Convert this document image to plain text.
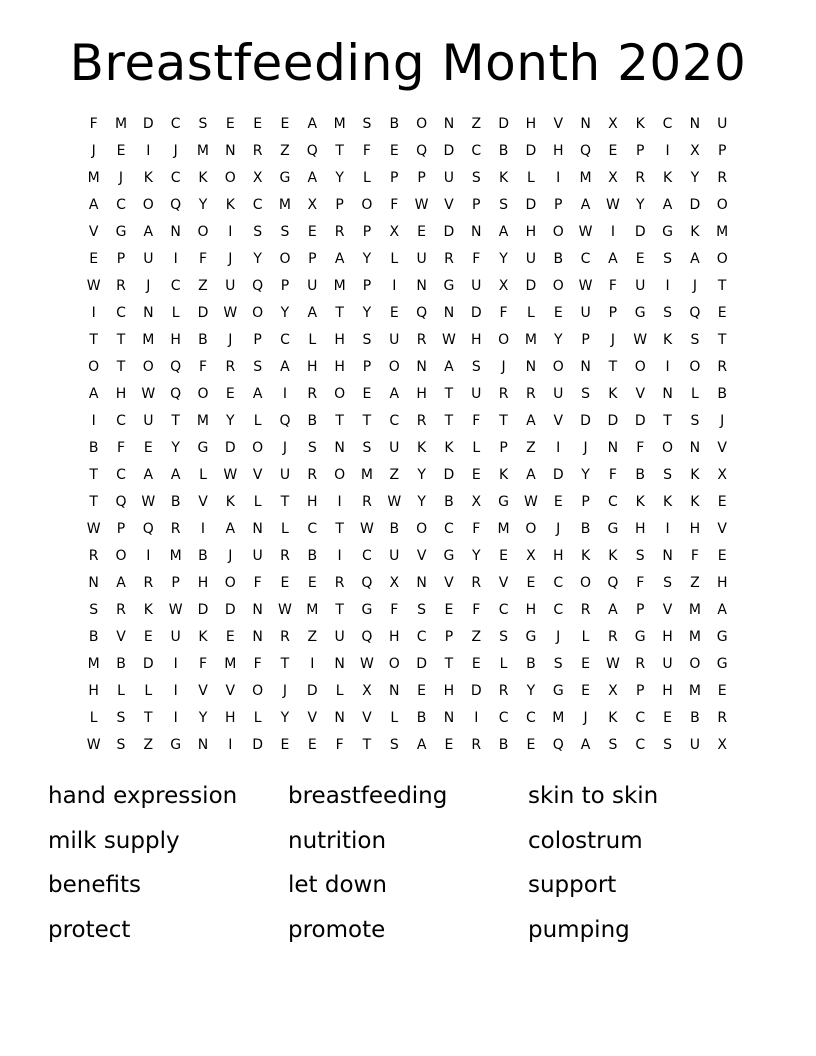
Breastfeeding Month 2020
F	M	D	C	S	E	E	E	A	M	S	B	O	N	Z	D	H	V	N	X	K	C	N	U
J	E	I	J	M	N	R	Z	Q	T	F	E	Q	D	C	B	D	H	Q	E	P	I	X	P
M	J	K	C	K	O	X	G	A	Y	L	P	P	U	S	K	L	I	M	X	R	K	Y	R
A	C	O	Q	Y	K	C	M	X	P	O	F	W	V	P	S	D	P	A	W	Y	A	D	O
V	G	A	N	O	I	S	S	E	R	P	X	E	D	N	A	H	O	W	I	D	G	K	M
E	P	U	I	F	J	Y	O	P	A	Y	L	U	R	F	Y	U	B	C	A	E	S	A	O
W	R	J	C	Z	U	Q	P	U	M	P	I	N	G	U	X	D	O	W	F	U	I	J	T
I	C	N	L	D	W	O	Y	A	T	Y	E	Q	N	D	F	L	E	U	P	G	S	Q	E
T	T	M	H	B	J	P	C	L	H	S	U	R	W	H	O	M	Y	P	J	W	K	S	T
O	T	O	Q	F	R	S	A	H	H	P	O	N	A	S	J	N	O	N	T	O	I	O	R
A	H	W	Q	O	E	A	I	R	O	E	A	H	T	U	R	R	U	S	K	V	N	L	B
I	C	U	T	M	Y	L	Q	B	T	T	C	R	T	F	T	A	V	D	D	D	T	S	J
B	F	E	Y	G	D	O	J	S	N	S	U	K	K	L	P	Z	I	J	N	F	O	N	V
T	C	A	A	L	W	V	U	R	O	M	Z	Y	D	E	K	A	D	Y	F	B	S	K	X
T	Q	W	B	V	K	L	T	H	I	R	W	Y	B	X	G	W	E	P	C	K	K	K	E
W	P	Q	R	I	A	N	L	C	T	W	B	O	C	F	M	O	J	B	G	H	I	H	V
R	O	I	M	B	J	U	R	B	I	C	U	V	G	Y	E	X	H	K	K	S	N	F	E
N	A	R	P	H	O	F	E	E	R	Q	X	N	V	R	V	E	C	O	Q	F	S	Z	H
S	R	K	W	D	D	N	W	M	T	G	F	S	E	F	C	H	C	R	A	P	V	M	A
B	V	E	U	K	E	N	R	Z	U	Q	H	C	P	Z	S	G	J	L	R	G	H	M	G
M	B	D	I	F	M	F	T	I	N	W	O	D	T	E	L	B	S	E	W	R	U	O	G
H	L	L	I	V	V	O	J	D	L	X	N	E	H	D	R	Y	G	E	X	P	H	M	E
L	S	T	I	Y	H	L	Y	V	N	V	L	B	N	I	C	C	M	J	K	C	E	B	R
W	S	Z	G	N	I	D	E	E	F	T	S	A	E	R	B	E	Q	A	S	C	S	U	X
hand expression	breastfeeding	skin to skin
milk supply	nutrition	colostrum
benefits	let down	support
protect	promote	pumping
